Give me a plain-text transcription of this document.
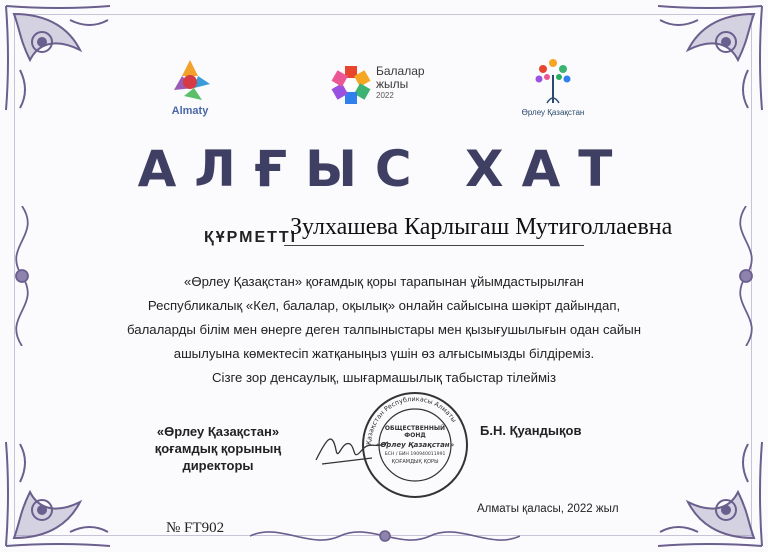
Almaty
Балалар
жылы
2022
Өрлеу Қазақстан
АЛҒЫС ХАТ
ҚҰРМЕТТІ
Зулхашева Карлыгаш Мутиголлаевна

«Өрлеу Қазақстан» қоғамдық қоры тарапынан ұйымдастырылған

Республикалық «Кел, балалар, оқылық» онлайн сайысына шәкірт дайындап,

балаларды білім мен өнерге деген талпыныстары мен қызығушылығын одан сайын

ашылуына көмектесіп жатқаныңыз үшін өз алғысымызды білдіреміз.

Сізге зор денсаулық, шығармашылық табыстар тілейміз

«Өрлеу Қазақстан»
қоғамдық қорының
директоры
Қазақстан Республикасы Алматы
ОБЩЕСТВЕННЫЙ
ФОНД
«Өрлеу Қазақстан»
БСН / БИН 190940011991
ҚОҒАМДЫҚ ҚОРЫ
Б.Н. Қуандықов
№ FT902
Алматы қаласы, 2022 жыл
